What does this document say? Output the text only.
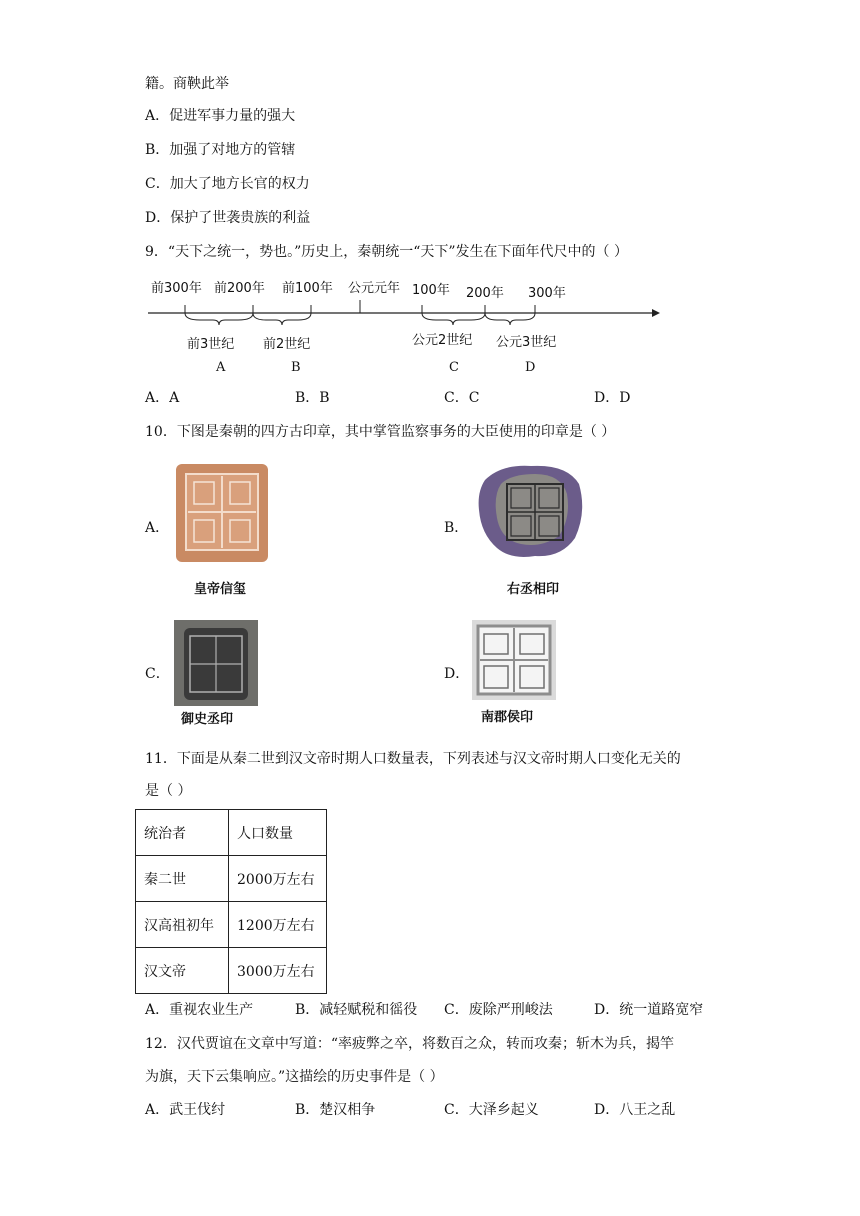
籍。商鞅此举
A．促进军事力量的强大
B．加强了对地方的管辖
C．加大了地方长官的权力
D．保护了世袭贵族的利益
9．“天下之统一，势也。”历史上，秦朝统一“天下”发生在下面年代尺中的（ ）
前300年 前200年 前100年 公元元年 100年 200年 300年
前3世纪 前2世纪	公元2世纪 公元3世纪
A	B	C	D
A．A	B．B	C．C	D．D
10．下图是秦朝的四方古印章，其中掌管监察事务的大臣使用的印章是（ ）
A．
皇帝信玺
B．
右丞相印
C．
御史丞印
D．
南郡侯印
11．下面是从秦二世到汉文帝时期人口数量表，下列表述与汉文帝时期人口变化无关的
是（ ）
统治者	人口数量
秦二世	2000万左右
汉高祖初年	1200万左右
汉文帝	3000万左右
A．重视农业生产	B．减轻赋税和徭役 C．废除严刑峻法	D．统一道路宽窄
12．汉代贾谊在文章中写道：“率疲弊之卒，将数百之众，转而攻秦；斩木为兵，揭竿
为旗，天下云集响应。”这描绘的历史事件是（ ）
A．武王伐纣	B．楚汉相争	C．大泽乡起义	D．八王之乱
